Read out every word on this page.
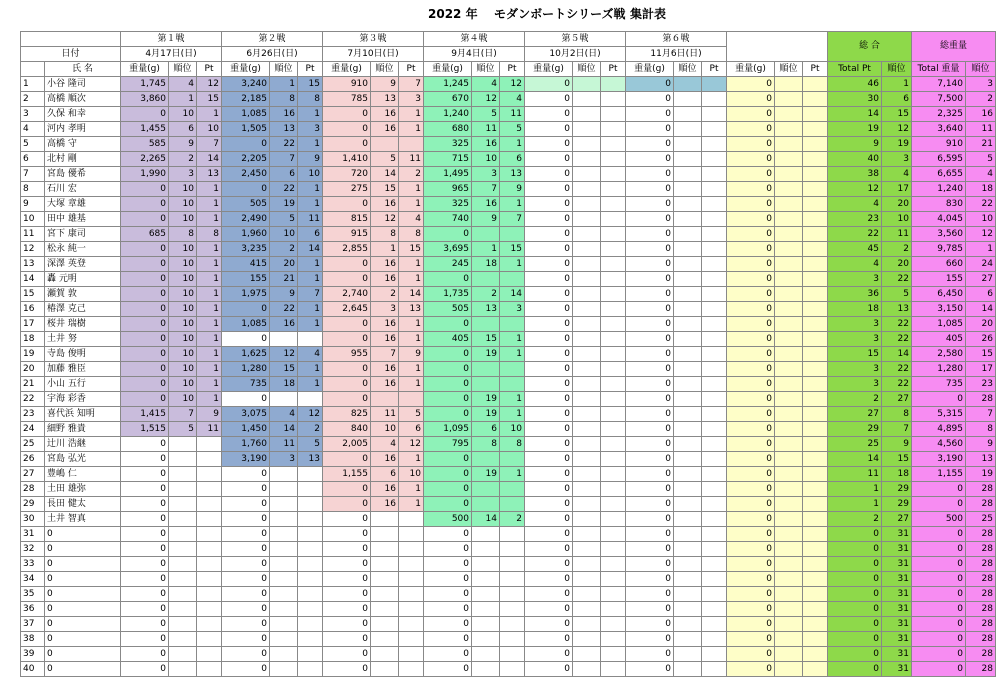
2022 年 モダンボートシリーズ戦 集計表
		第１戦			第２戦			第３戦			第４戦			第５戦			第６戦						総 合		総重量	
日付		4月17日(日)			6月26日(日)			7月10日(日)			9月4日(日)			10月2日(日)			11月6日(日)									
	氏 名	重量(g)	順位	Pt	重量(g)	順位	Pt	重量(g)	順位	Pt	重量(g)	順位	Pt	重量(g)	順位	Pt	重量(g)	順位	Pt	重量(g)	順位	Pt	Total Pt	順位	Total 重量	順位
1	小谷 隆司	1,745	4	12	3,240	1	15	910	9	7	1,245	4	12	0			0			0			46	1	7,140	3
2	高橋 順次	3,860	1	15	2,185	8	8	785	13	3	670	12	4	0			0			0			30	6	7,500	2
3	久保 和幸	0	10	1	1,085	16	1	0	16	1	1,240	5	11	0			0			0			14	15	2,325	16
4	河内 孝明	1,455	6	10	1,505	13	3	0	16	1	680	11	5	0			0			0			19	12	3,640	11
5	高橋 守	585	9	7	0	22	1	0			325	16	1	0			0			0			9	19	910	21
6	北村 剛	2,265	2	14	2,205	7	9	1,410	5	11	715	10	6	0			0			0			40	3	6,595	5
7	宮島 優希	1,990	3	13	2,450	6	10	720	14	2	1,495	3	13	0			0			0			38	4	6,655	4
8	石川 宏	0	10	1	0	22	1	275	15	1	965	7	9	0			0			0			12	17	1,240	18
9	大塚 章雄	0	10	1	505	19	1	0	16	1	325	16	1	0			0			0			4	20	830	22
10	田中 雄基	0	10	1	2,490	5	11	815	12	4	740	9	7	0			0			0			23	10	4,045	10
11	宮下 康司	685	8	8	1,960	10	6	915	8	8	0			0			0			0			22	11	3,560	12
12	松永 純一	0	10	1	3,235	2	14	2,855	1	15	3,695	1	15	0			0			0			45	2	9,785	1
13	深澤 英登	0	10	1	415	20	1	0	16	1	245	18	1	0			0			0			4	20	660	24
14	轟 元明	0	10	1	155	21	1	0	16	1	0			0			0			0			3	22	155	27
15	瀬賀 敦	0	10	1	1,975	9	7	2,740	2	14	1,735	2	14	0			0			0			36	5	6,450	6
16	椿澤 克己	0	10	1	0	22	1	2,645	3	13	505	13	3	0			0			0			18	13	3,150	14
17	桜井 瑞樹	0	10	1	1,085	16	1	0	16	1	0			0			0			0			3	22	1,085	20
18	土井 努	0	10	1	0			0	16	1	405	15	1	0			0			0			3	22	405	26
19	寺島 俊明	0	10	1	1,625	12	4	955	7	9	0	19	1	0			0			0			15	14	2,580	15
20	加藤 雅臣	0	10	1	1,280	15	1	0	16	1	0			0			0			0			3	22	1,280	17
21	小山 五行	0	10	1	735	18	1	0	16	1	0			0			0			0			3	22	735	23
22	宇海 彩香	0	10	1	0			0			0	19	1	0			0			0			2	27	0	28
23	喜代浜 知明	1,415	7	9	3,075	4	12	825	11	5	0	19	1	0			0			0			27	8	5,315	7
24	細野 雅貴	1,515	5	11	1,450	14	2	840	10	6	1,095	6	10	0			0			0			29	7	4,895	8
25	辻川 浩継	0			1,760	11	5	2,005	4	12	795	8	8	0			0			0			25	9	4,560	9
26	宮島 弘光	0			3,190	3	13	0	16	1	0			0			0			0			14	15	3,190	13
27	豊嶋 仁	0			0			1,155	6	10	0	19	1	0			0			0			11	18	1,155	19
28	土田 雄弥	0			0			0	16	1	0			0			0			0			1	29	0	28
29	長田 健太	0			0			0	16	1	0			0			0			0			1	29	0	28
30	土井 智真	0			0			0			500	14	2	0			0			0			2	27	500	25
31	0	0			0			0			0			0			0			0			0	31	0	28
32	0	0			0			0			0			0			0			0			0	31	0	28
33	0	0			0			0			0			0			0			0			0	31	0	28
34	0	0			0			0			0			0			0			0			0	31	0	28
35	0	0			0			0			0			0			0			0			0	31	0	28
36	0	0			0			0			0			0			0			0			0	31	0	28
37	0	0			0			0			0			0			0			0			0	31	0	28
38	0	0			0			0			0			0			0			0			0	31	0	28
39	0	0			0			0			0			0			0			0			0	31	0	28
40	0	0			0			0			0			0			0			0			0	31	0	28
